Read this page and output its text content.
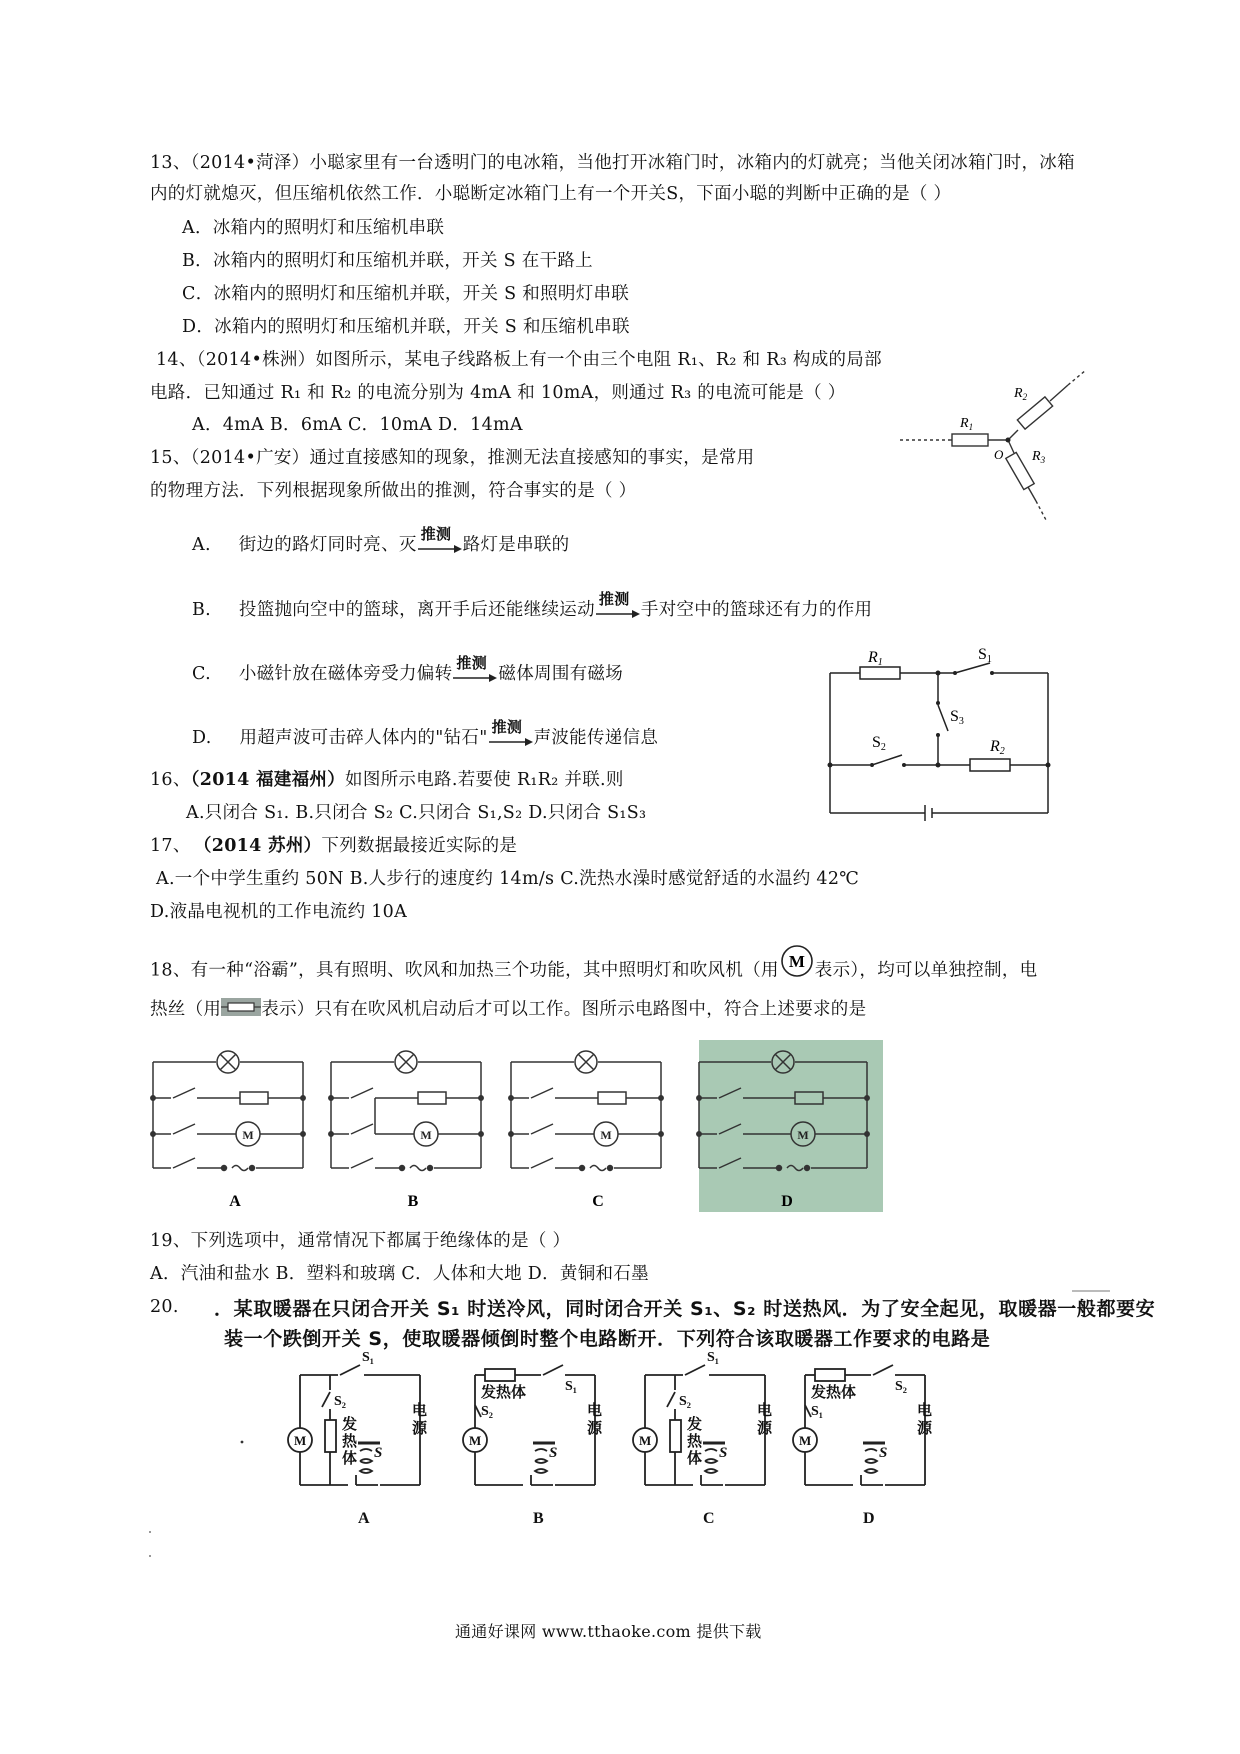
13、（2014•菏泽）小聪家里有一台透明门的电冰箱，当他打开冰箱门时，冰箱内的灯就亮；当他关闭冰箱门时，冰箱
内的灯就熄灭，但压缩机依然工作．小聪断定冰箱门上有一个开关S，下面小聪的判断中正确的是（ ）
A．冰箱内的照明灯和压缩机串联
B．冰箱内的照明灯和压缩机并联，开关 S 在干路上
C．冰箱内的照明灯和压缩机并联，开关 S 和照明灯串联
D．冰箱内的照明灯和压缩机并联，开关 S 和压缩机串联
14、（2014•株洲）如图所示，某电子线路板上有一个由三个电阻 R₁、R₂ 和 R₃ 构成的局部
电路．已知通过 R₁ 和 R₂ 的电流分别为 4mA 和 10mA，则通过 R₃ 的电流可能是（ ）
A．4mA B．6mA C．10mA D．14mA	$R_1$
$R_2$
$R_3$
O
15、（2014•广安）通过直接感知的现象，推测无法直接感知的事实，是常用
的物理方法．下列根据现象所做出的推测，符合事实的是（ ）
A. 街边的路灯同时亮、灭
推测
路灯是串联的
B. 投篮抛向空中的篮球，离开手后还能继续运动
推测
手对空中的篮球还有力的作用
C. 小磁针放在磁体旁受力偏转
推测
磁体周围有磁场
D. 用超声波可击碎人体内的"钻石"
推测
声波能传递信息
R1	S1
S3
S2	R2
16、（2014 福建福州）如图所示电路.若要使 R₁R₂ 并联.则
A.只闭合 S₁. B.只闭合 S₂ C.只闭合 S₁,S₂ D.只闭合 S₁S₃
17、 （2014 苏州）下列数据最接近实际的是
A.一个中学生重约 50N B.人步行的速度约 14m/s C.洗热水澡时感觉舒适的水温约 42℃
D.液晶电视机的工作电流约 10A
18、有一种“浴霸”，具有照明、吹风和加热三个功能，其中照明灯和吹风机（用 M 表示），均可以单独控制，电
热丝（用 表示）只有在吹风机启动后才可以工作。图所示电路图中，符合上述要求的是
M	M	M	M
A	B	C	D
19、下列选项中，通常情况下都属于绝缘体的是（ ）
A．汽油和盐水 B．塑料和玻璃 C．人体和大地 D．黄铜和石墨
20. ．某取暖器在只闭合开关 S₁ 时送冷风，同时闭合开关 S₁、S₂ 时送热风．为了安全起见，取暖器一般都要安
装一个跌倒开关 S，使取暖器倾倒时整个电路断开．下列符合该取暖器工作要求的电路是
M
电
源
S
A
S₁
S₂
发
热
体
M
电
源
S
B
S₁
发热体
S₂
M
电
源
S
C
S₁
S₂
发
热
体
M
电
源
S
D
S₂
发热体
S₁
通通好课网 www.tthaoke.com 提供下载
